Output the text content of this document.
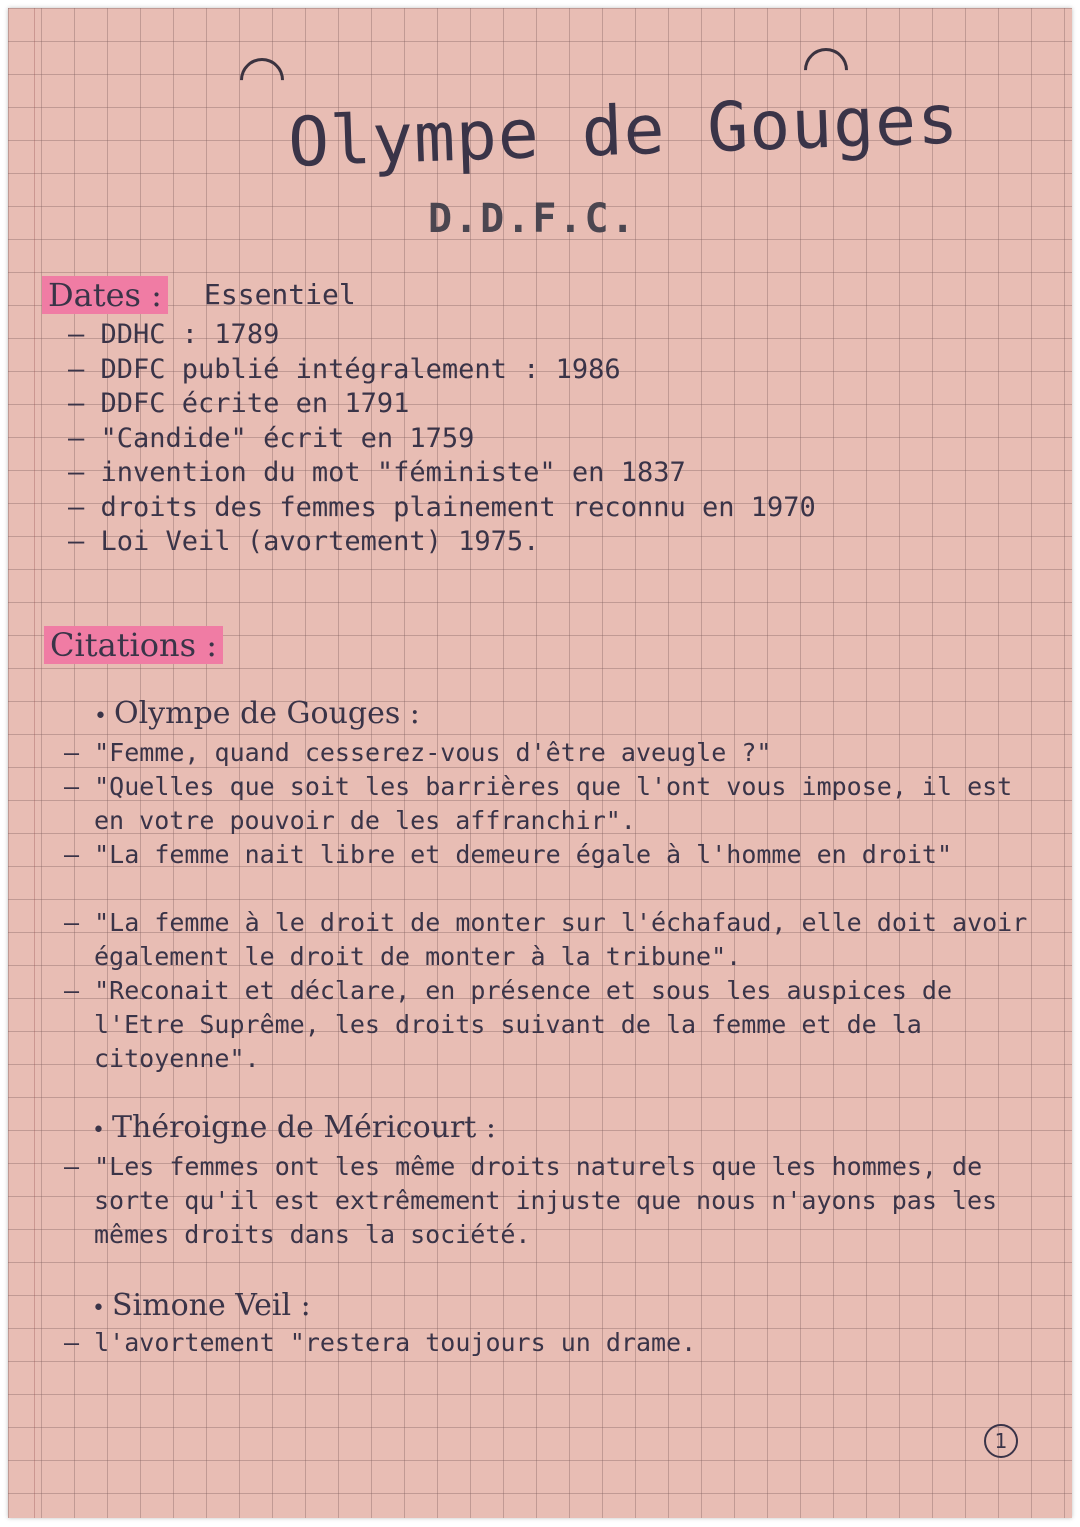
Olympe de Gouges
D.D.F.C.
Dates : Essentiel
– DDHC : 1789
– DDFC publié intégralement : 1986
– DDFC écrite en 1791
– "Candide" écrit en 1759
– invention du mot "féministe" en 1837
– droits des femmes plainement reconnu en 1970
– Loi Veil (avortement) 1975.
Citations :
• Olympe de Gouges :
– "Femme, quand cesserez-vous d'être aveugle ?"
– "Quelles que soit les barrières que l'ont vous impose, il est en votre pouvoir de les affranchir".
– "La femme nait libre et demeure égale à l'homme en droit"
– "La femme à le droit de monter sur l'échafaud, elle doit avoir également le droit de monter à la tribune".
– "Reconait et déclare, en présence et sous les auspices de l'Etre Suprême, les droits suivant de la femme et de la citoyenne".
• Théroigne de Méricourt :
– "Les femmes ont les même droits naturels que les hommes, de sorte qu'il est extrêmement injuste que nous n'ayons pas les mêmes droits dans la société.
• Simone Veil :
– l'avortement "restera toujours un drame.
1
